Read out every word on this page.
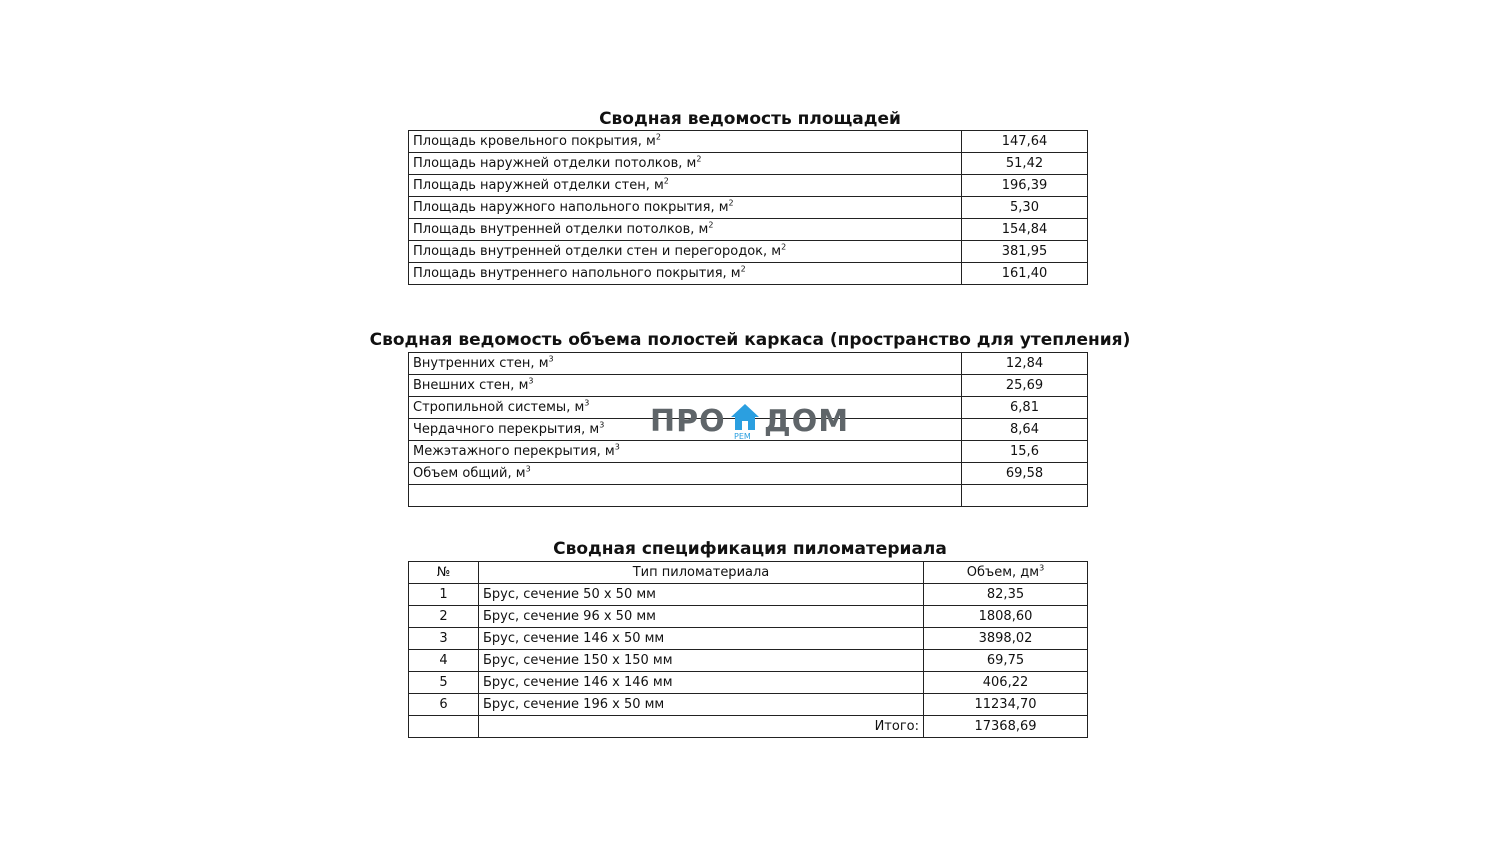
Сводная ведомость площадей
Площадь кровельного покрытия, $м^2$	147,64
Площадь наружней отделки потолков, $м^2$	51,42
Площадь наружней отделки стен, $м^2$	196,39
Площадь наружного напольного покрытия, $м^2$	5,30
Площадь внутренней отделки потолков, $м^2$	154,84
Площадь внутренней отделки стен и перегородок, $м^2$	381,95
Площадь внутреннего напольного покрытия, $м^2$	161,40
Сводная ведомость объема полостей каркаса (пространство для утепления)
Внутренних стен, $м^3$	12,84
Внешних стен, $м^3$	25,69
Стропильной системы, $м^3$	6,81
Чердачного перекрытия, $м^3$	8,64
Межэтажного перекрытия, $м^3$	15,6
Объем общий, $м^3$	69,58

Сводная спецификация пиломатериала
№	Тип пиломатериала	Объем, $дм^3$
1	Брус, сечение 50 х 50 мм	82,35
2	Брус, сечение 96 х 50 мм	1808,60
3	Брус, сечение 146 х 50 мм	3898,02
4	Брус, сечение 150 х 150 мм	69,75
5	Брус, сечение 146 х 146 мм	406,22
6	Брус, сечение 196 х 50 мм	11234,70
	Итого:	17368,69
ПРО РЕМ ДОМ
